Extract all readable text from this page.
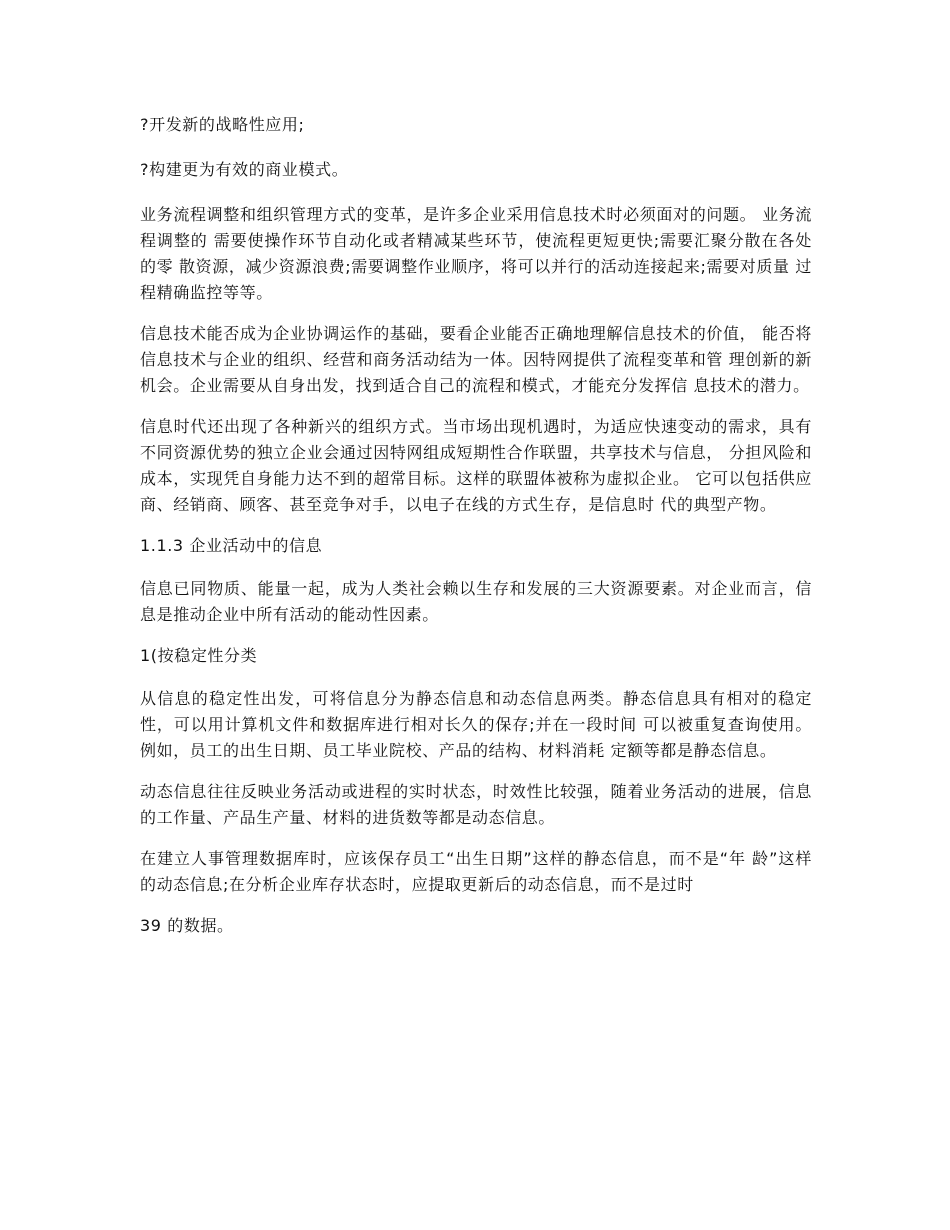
?开发新的战略性应用;

?构建更为有效的商业模式。

业务流程调整和组织管理方式的变革，是许多企业采用信息技术时必须面对的问题。 业务流程调整的 需要使操作环节自动化或者精减某些环节，使流程更短更快;需要汇聚分散在各处的零 散资源，减少资源浪费;需要调整作业顺序，将可以并行的活动连接起来;需要对质量 过程精确监控等等。

信息技术能否成为企业协调运作的基础，要看企业能否正确地理解信息技术的价值， 能否将信息技术与企业的组织、经营和商务活动结为一体。因特网提供了流程变革和管 理创新的新机会。企业需要从自身出发，找到适合自己的流程和模式，才能充分发挥信 息技术的潜力。

信息时代还出现了各种新兴的组织方式。当市场出现机遇时，为适应快速变动的需求，具有不同资源优势的独立企业会通过因特网组成短期性合作联盟，共享技术与信息， 分担风险和成本，实现凭自身能力达不到的超常目标。这样的联盟体被称为虚拟企业。 它可以包括供应商、经销商、顾客、甚至竞争对手，以电子在线的方式生存，是信息时 代的典型产物。

1.1.3 企业活动中的信息

信息已同物质、能量一起，成为人类社会赖以生存和发展的三大资源要素。对企业而言，信息是推动企业中所有活动的能动性因素。

1(按稳定性分类

从信息的稳定性出发，可将信息分为静态信息和动态信息两类。静态信息具有相对的稳定性，可以用计算机文件和数据库进行相对长久的保存;并在一段时间 可以被重复查询使用。例如，员工的出生日期、员工毕业院校、产品的结构、材料消耗 定额等都是静态信息。

动态信息往往反映业务活动或进程的实时状态，时效性比较强，随着业务活动的进展，信息 的工作量、产品生产量、材料的进货数等都是动态信息。

在建立人事管理数据库时，应该保存员工“出生日期”这样的静态信息，而不是“年 龄”这样的动态信息;在分析企业库存状态时，应提取更新后的动态信息，而不是过时

39 的数据。
